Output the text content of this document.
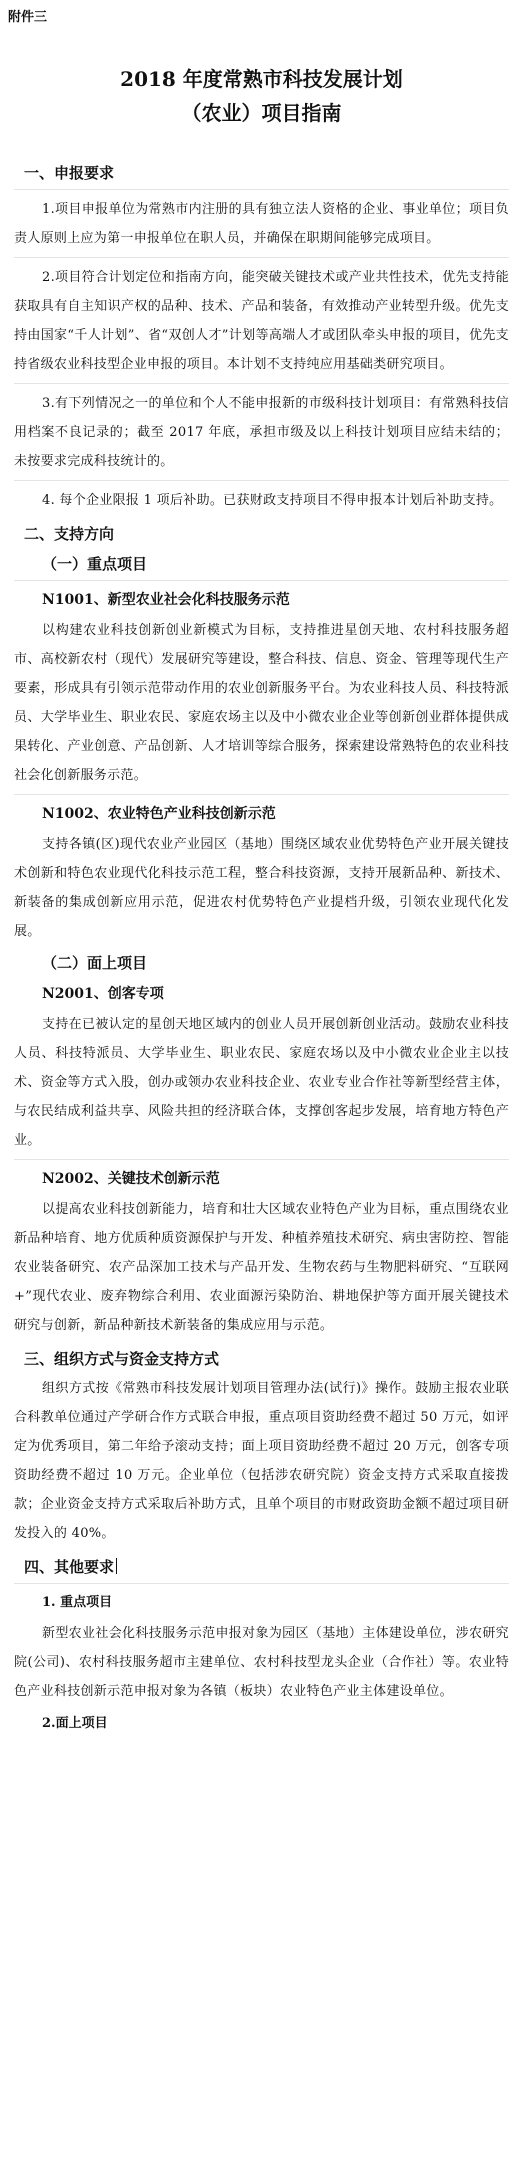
附件三
2018 年度常熟市科技发展计划
（农业）项目指南
一、申报要求

1.项目申报单位为常熟市内注册的具有独立法人资格的企业、事业单位；项目负责人原则上应为第一申报单位在职人员，并确保在职期间能够完成项目。

2.项目符合计划定位和指南方向，能突破关键技术或产业共性技术，优先支持能获取具有自主知识产权的品种、技术、产品和装备，有效推动产业转型升级。优先支持由国家“千人计划”、省“双创人才”计划等高端人才或团队牵头申报的项目，优先支持省级农业科技型企业申报的项目。本计划不支持纯应用基础类研究项目。

3.有下列情况之一的单位和个人不能申报新的市级科技计划项目：有常熟科技信用档案不良记录的；截至 2017 年底，承担市级及以上科技计划项目应结未结的；未按要求完成科技统计的。

4. 每个企业限报 1 项后补助。已获财政支持项目不得申报本计划后补助支持。

二、支持方向
（一）重点项目
N1001、新型农业社会化科技服务示范

以构建农业科技创新创业新模式为目标，支持推进星创天地、农村科技服务超市、高校新农村（现代）发展研究等建设，整合科技、信息、资金、管理等现代生产要素，形成具有引领示范带动作用的农业创新服务平台。为农业科技人员、科技特派员、大学毕业生、职业农民、家庭农场主以及中小微农业企业等创新创业群体提供成果转化、产业创意、产品创新、人才培训等综合服务，探索建设常熟特色的农业科技社会化创新服务示范。

N1002、农业特色产业科技创新示范

支持各镇(区)现代农业产业园区（基地）围绕区域农业优势特色产业开展关键技术创新和特色农业现代化科技示范工程，整合科技资源，支持开展新品种、新技术、新装备的集成创新应用示范，促进农村优势特色产业提档升级，引领农业现代化发展。

（二）面上项目
N2001、创客专项

支持在已被认定的星创天地区域内的创业人员开展创新创业活动。鼓励农业科技人员、科技特派员、大学毕业生、职业农民、家庭农场以及中小微农业企业主以技术、资金等方式入股，创办或领办农业科技企业、农业专业合作社等新型经营主体，与农民结成利益共享、风险共担的经济联合体，支撑创客起步发展，培育地方特色产业。

N2002、关键技术创新示范

以提高农业科技创新能力，培育和壮大区域农业特色产业为目标，重点围绕农业新品种培育、地方优质种质资源保护与开发、种植养殖技术研究、病虫害防控、智能农业装备研究、农产品深加工技术与产品开发、生物农药与生物肥料研究、“互联网+”现代农业、废弃物综合利用、农业面源污染防治、耕地保护等方面开展关键技术研究与创新，新品种新技术新装备的集成应用与示范。

三、组织方式与资金支持方式

组织方式按《常熟市科技发展计划项目管理办法(试行)》操作。鼓励主报农业联合科教单位通过产学研合作方式联合申报，重点项目资助经费不超过 50 万元，如评定为优秀项目，第二年给予滚动支持；面上项目资助经费不超过 20 万元，创客专项资助经费不超过 10 万元。企业单位（包括涉农研究院）资金支持方式采取直接拨款；企业资金支持方式采取后补助方式，且单个项目的市财政资助金额不超过项目研发投入的 40%。

四、其他要求
1. 重点项目

新型农业社会化科技服务示范申报对象为园区（基地）主体建设单位，涉农研究院(公司)、农村科技服务超市主建单位、农村科技型龙头企业（合作社）等。农业特色产业科技创新示范申报对象为各镇（板块）农业特色产业主体建设单位。

2.面上项目
